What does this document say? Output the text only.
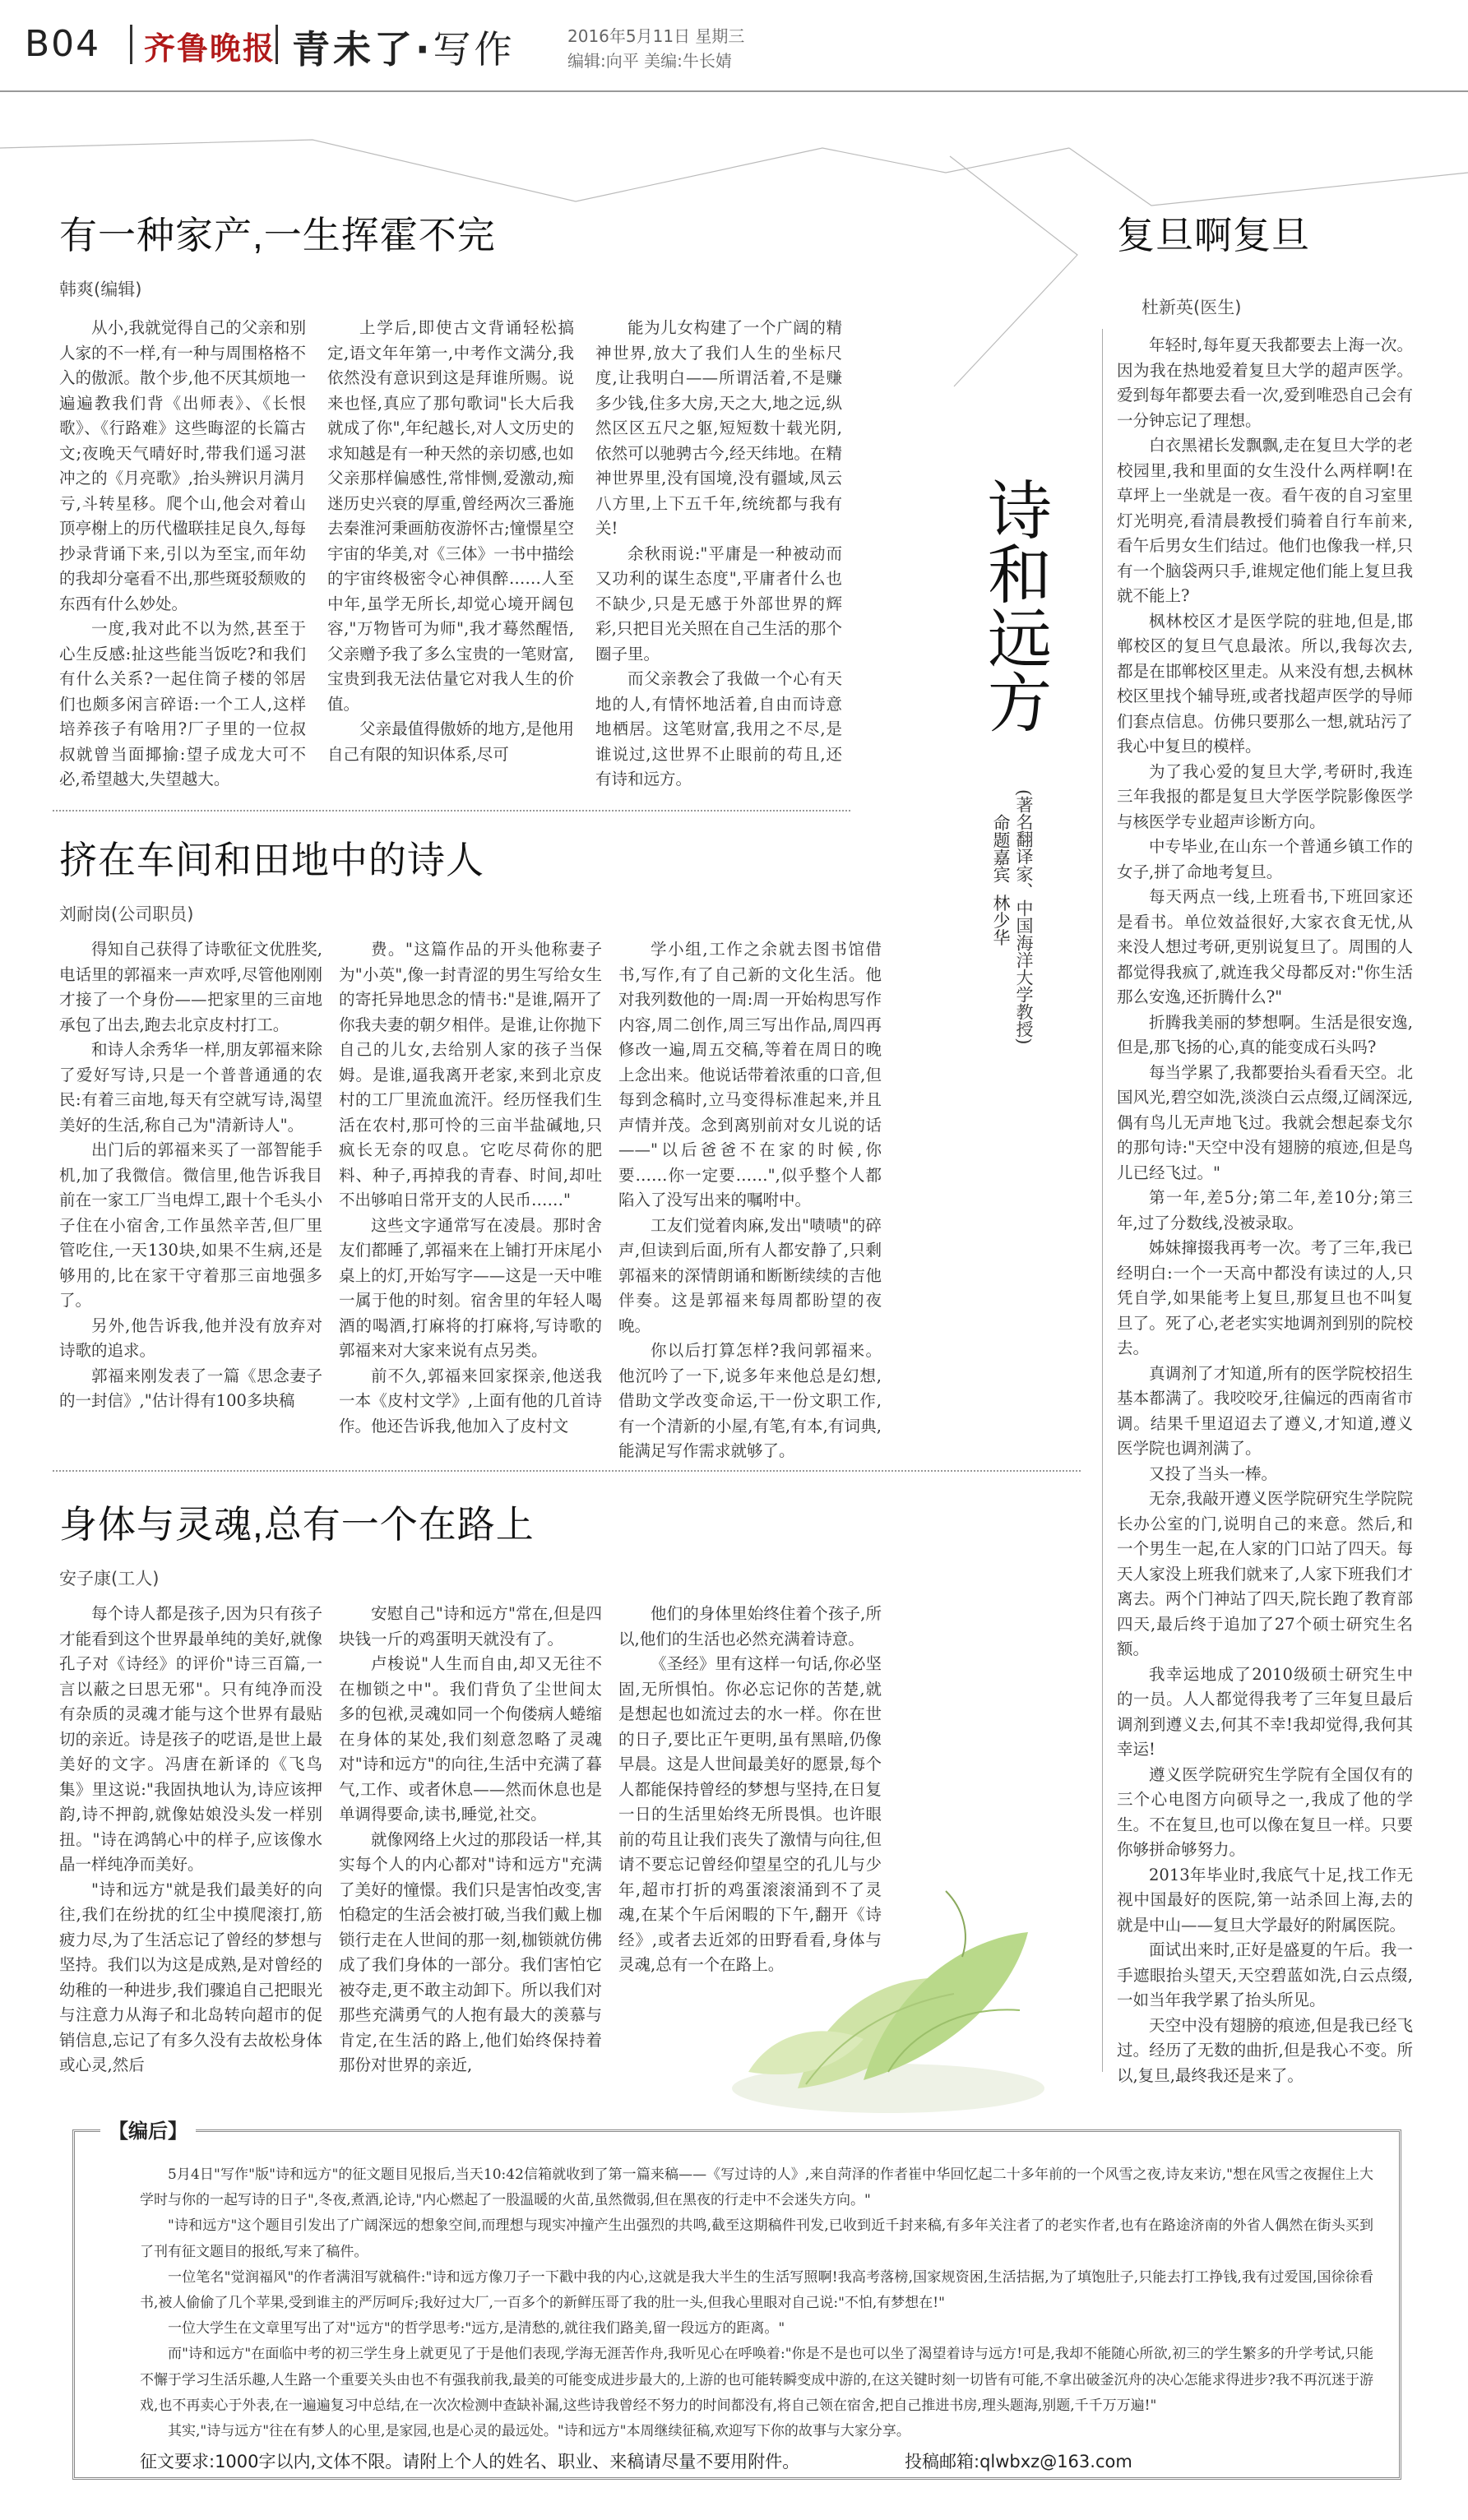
B04 齐鲁晚报 青未了·写作	2016年5月11日 星期三
编辑:向平 美编:牛长婧
有一种家产,一生挥霍不完
韩爽(编辑)

从小,我就觉得自己的父亲和别人家的不一样,有一种与周围格格不入的傲派。散个步,他不厌其烦地一遍遍教我们背《出师表》、《长恨歌》、《行路难》这些晦涩的长篇古文;夜晚天气晴好时,带我们遥习湛冲之的《月亮歌》,抬头辨识月满月亏,斗转星移。爬个山,他会对着山顶亭榭上的历代楹联挂足良久,每每抄录背诵下来,引以为至宝,而年幼的我却分毫看不出,那些斑驳颓败的东西有什么妙处。

一度,我对此不以为然,甚至于心生反感:扯这些能当饭吃?和我们有什么关系?一起住筒子楼的邻居们也颇多闲言碎语:一个工人,这样培养孩子有啥用?厂子里的一位叔叔就曾当面揶揄:望子成龙大可不必,希望越大,失望越大。

上学后,即使古文背诵轻松搞定,语文年年第一,中考作文满分,我依然没有意识到这是拜谁所赐。说来也怪,真应了那句歌词"长大后我就成了你",年纪越长,对人文历史的求知越是有一种天然的亲切感,也如父亲那样偏感性,常悱恻,爱激动,痴迷历史兴衰的厚重,曾经两次三番施去秦淮河秉画舫夜游怀古;憧憬星空宇宙的华美,对《三体》一书中描绘的宇宙终极密令心神俱醉……人至中年,虽学无所长,却觉心境开阔包容,"万物皆可为师",我才蓦然醒悟,父亲赠予我了多么宝贵的一笔财富,宝贵到我无法估量它对我人生的价值。

父亲最值得傲娇的地方,是他用自己有限的知识体系,尽可

能为儿女构建了一个广阔的精神世界,放大了我们人生的坐标尺度,让我明白——所谓活着,不是赚多少钱,住多大房,天之大,地之远,纵然区区五尺之躯,短短数十载光阴,依然可以驰骋古今,经天纬地。在精神世界里,没有国境,没有疆域,凤云八方里,上下五千年,统统都与我有关!

余秋雨说:"平庸是一种被动而又功利的谋生态度",平庸者什么也不缺少,只是无感于外部世界的辉彩,只把目光关照在自己生活的那个圈子里。

而父亲教会了我做一个心有天地的人,有情怀地活着,自由而诗意地栖居。这笔财富,我用之不尽,是谁说过,这世界不止眼前的苟且,还有诗和远方。

诗和远方
(著名翻译家、中国海洋大学教授)
命题嘉宾  林少华
复旦啊复旦
杜新英(医生)

年轻时,每年夏天我都要去上海一次。因为我在热地爱着复旦大学的超声医学。爱到每年都要去看一次,爱到唯恐自己会有一分钟忘记了理想。

白衣黑裙长发飘飘,走在复旦大学的老校园里,我和里面的女生没什么两样啊!在草坪上一坐就是一夜。看午夜的自习室里灯光明亮,看清晨教授们骑着自行车前来,看午后男女生们结过。他们也像我一样,只有一个脑袋两只手,谁规定他们能上复旦我就不能上?

枫林校区才是医学院的驻地,但是,邯郸校区的复旦气息最浓。所以,我每次去,都是在邯郸校区里走。从来没有想,去枫林校区里找个辅导班,或者找超声医学的导师们套点信息。仿佛只要那么一想,就玷污了我心中复旦的模样。

为了我心爱的复旦大学,考研时,我连三年我报的都是复旦大学医学院影像医学与核医学专业超声诊断方向。

中专毕业,在山东一个普通乡镇工作的女子,拼了命地考复旦。

每天两点一线,上班看书,下班回家还是看书。单位效益很好,大家衣食无忧,从来没人想过考研,更别说复旦了。周围的人都觉得我疯了,就连我父母都反对:"你生活那么安逸,还折腾什么?"

折腾我美丽的梦想啊。生活是很安逸,但是,那飞扬的心,真的能变成石头吗?

每当学累了,我都要抬头看看天空。北国风光,碧空如洗,淡淡白云点缀,辽阔深远,偶有鸟儿无声地飞过。我就会想起泰戈尔的那句诗:"天空中没有翅膀的痕迹,但是鸟儿已经飞过。"

第一年,差5分;第二年,差10分;第三年,过了分数线,没被录取。

姊妹撺掇我再考一次。考了三年,我已经明白:一个一天高中都没有读过的人,只凭自学,如果能考上复旦,那复旦也不叫复旦了。死了心,老老实实地调剂到别的院校去。

真调剂了才知道,所有的医学院校招生基本都满了。我咬咬牙,往偏远的西南省市调。结果千里迢迢去了遵义,才知道,遵义医学院也调剂满了。

又投了当头一棒。

无奈,我敲开遵义医学院研究生学院院长办公室的门,说明自己的来意。然后,和一个男生一起,在人家的门口站了四天。每天人家没上班我们就来了,人家下班我们才离去。两个门神站了四天,院长跑了教育部四天,最后终于追加了27个硕士研究生名额。

我幸运地成了2010级硕士研究生中的一员。人人都觉得我考了三年复旦最后调剂到遵义去,何其不幸!我却觉得,我何其幸运!

遵义医学院研究生学院有全国仅有的三个心电图方向硕导之一,我成了他的学生。不在复旦,也可以像在复旦一样。只要你够拼命够努力。

2013年毕业时,我底气十足,找工作无视中国最好的医院,第一站杀回上海,去的就是中山——复旦大学最好的附属医院。

面试出来时,正好是盛夏的午后。我一手遮眼抬头望天,天空碧蓝如洗,白云点缀,一如当年我学累了抬头所见。

天空中没有翅膀的痕迹,但是我已经飞过。经历了无数的曲折,但是我心不变。所以,复旦,最终我还是来了。

挤在车间和田地中的诗人
刘耐岗(公司职员)

得知自己获得了诗歌征文优胜奖,电话里的郭福来一声欢呼,尽管他刚刚才接了一个身份——把家里的三亩地承包了出去,跑去北京皮村打工。

和诗人余秀华一样,朋友郭福来除了爱好写诗,只是一个普普通通的农民:有着三亩地,每天有空就写诗,渴望美好的生活,称自己为"清新诗人"。

出门后的郭福来买了一部智能手机,加了我微信。微信里,他告诉我目前在一家工厂当电焊工,跟十个毛头小子住在小宿舍,工作虽然辛苦,但厂里管吃住,一天130块,如果不生病,还是够用的,比在家干守着那三亩地强多了。

另外,他告诉我,他并没有放弃对诗歌的追求。

郭福来刚发表了一篇《思念妻子的一封信》,"估计得有100多块稿

费。"这篇作品的开头他称妻子为"小英",像一封青涩的男生写给女生的寄托异地思念的情书:"是谁,隔开了你我夫妻的朝夕相伴。是谁,让你抛下自己的儿女,去给别人家的孩子当保姆。是谁,逼我离开老家,来到北京皮村的工厂里流血流汗。经历怪我们生活在农村,那可怜的三亩半盐碱地,只疯长无奈的叹息。它吃尽荷你的肥料、种子,再掉我的青春、时间,却吐不出够咱日常开支的人民币……"

这些文字通常写在凌晨。那时舍友们都睡了,郭福来在上铺打开床尾小桌上的灯,开始写字——这是一天中唯一属于他的时刻。宿舍里的年轻人喝酒的喝酒,打麻将的打麻将,写诗歌的郭福来对大家来说有点另类。

前不久,郭福来回家探亲,他送我一本《皮村文学》,上面有他的几首诗作。他还告诉我,他加入了皮村文

学小组,工作之余就去图书馆借书,写作,有了自己新的文化生活。他对我列数他的一周:周一开始构思写作内容,周二创作,周三写出作品,周四再修改一遍,周五交稿,等着在周日的晚上念出来。他说话带着浓重的口音,但每到念稿时,立马变得标准起来,并且声情并茂。念到离别前对女儿说的话——"以后爸爸不在家的时候,你要……你一定要……",似乎整个人都陷入了没写出来的嘱咐中。

工友们觉着肉麻,发出"啧啧"的碎声,但读到后面,所有人都安静了,只剩郭福来的深情朗诵和断断续续的吉他伴奏。这是郭福来每周都盼望的夜晚。

你以后打算怎样?我问郭福来。他沉吟了一下,说多年来他总是幻想,借助文学改变命运,干一份文职工作,有一个清新的小屋,有笔,有本,有词典,能满足写作需求就够了。

身体与灵魂,总有一个在路上
安子康(工人)

每个诗人都是孩子,因为只有孩子才能看到这个世界最单纯的美好,就像孔子对《诗经》的评价"诗三百篇,一言以蔽之曰思无邪"。只有纯净而没有杂质的灵魂才能与这个世界有最贴切的亲近。诗是孩子的呓语,是世上最美好的文字。冯唐在新译的《飞鸟集》里这说:"我固执地认为,诗应该押韵,诗不押韵,就像姑娘没头发一样别扭。"诗在鸿鹄心中的样子,应该像水晶一样纯净而美好。

"诗和远方"就是我们最美好的向往,我们在纷扰的红尘中摸爬滚打,筋疲力尽,为了生活忘记了曾经的梦想与坚持。我们以为这是成熟,是对曾经的幼稚的一种进步,我们骤追自己把眼光与注意力从海子和北岛转向超市的促销信息,忘记了有多久没有去故松身体或心灵,然后

安慰自己"诗和远方"常在,但是四块钱一斤的鸡蛋明天就没有了。

卢梭说"人生而自由,却又无往不在枷锁之中"。我们背负了尘世间太多的包袱,灵魂如同一个佝偻病人蜷缩在身体的某处,我们刻意忽略了灵魂对"诗和远方"的向往,生活中充满了暮气,工作、或者休息——然而休息也是单调得要命,读书,睡觉,社交。

就像网络上火过的那段话一样,其实每个人的内心都对"诗和远方"充满了美好的憧憬。我们只是害怕改变,害怕稳定的生活会被打破,当我们戴上枷锁行走在人世间的那一刻,枷锁就仿佛成了我们身体的一部分。我们害怕它被夺走,更不敢主动卸下。所以我们对那些充满勇气的人抱有最大的羡慕与肯定,在生活的路上,他们始终保持着那份对世界的亲近,

他们的身体里始终住着个孩子,所以,他们的生活也必然充满着诗意。

《圣经》里有这样一句话,你必坚固,无所惧怕。你必忘记你的苦楚,就是想起也如流过去的水一样。你在世的日子,要比正午更明,虽有黑暗,仍像早晨。这是人世间最美好的愿景,每个人都能保持曾经的梦想与坚持,在日复一日的生活里始终无所畏惧。也许眼前的苟且让我们丧失了激情与向往,但请不要忘记曾经仰望星空的孔儿与少年,超市打折的鸡蛋滚滚涌到不了灵魂,在某个午后闲暇的下午,翻开《诗经》,或者去近郊的田野看看,身体与灵魂,总有一个在路上。

【编后】

5月4日"写作"版"诗和远方"的征文题目见报后,当天10:42信箱就收到了第一篇来稿——《写过诗的人》,来自菏泽的作者崔中华回忆起二十多年前的一个风雪之夜,诗友来访,"想在风雪之夜握住上大学时与你的一起写诗的日子",冬夜,煮酒,论诗,"内心燃起了一股温暖的火苗,虽然微弱,但在黑夜的行走中不会迷失方向。"

"诗和远方"这个题目引发出了广阔深远的想象空间,而理想与现实冲撞产生出强烈的共鸣,截至这期稿件刊发,已收到近千封来稿,有多年关注者了的老实作者,也有在路途济南的外省人偶然在街头买到了刊有征文题目的报纸,写来了稿件。

一位笔名"觉润福风"的作者满泪写就稿件:"诗和远方像刀子一下戳中我的内心,这就是我大半生的生活写照啊!我高考落榜,国家规资困,生活拮据,为了填饱肚子,只能去打工挣钱,我有过爱国,国徐徐看书,被人偷偷了几个苹果,受到谁主的严厉呵斥;我好过大厂,一百多个的新鲜压哥了我的肚一头,但我心里眼对自己说:"不怕,有梦想在!"

一位大学生在文章里写出了对"远方"的哲学思考:"远方,是清愁的,就往我们路美,留一段远方的距离。"

而"诗和远方"在面临中考的初三学生身上就更见了于是他们表现,学海无涯苦作舟,我听见心在呼唤着:"你是不是也可以坐了渴望着诗与远方!可是,我却不能随心所欲,初三的学生繁多的升学考试,只能不懈于学习生活乐趣,人生路一个重要关头由也不有强我前我,最美的可能变成进步最大的,上游的也可能转瞬变成中游的,在这关键时刻一切皆有可能,不拿出破釜沉舟的决心怎能求得进步?我不再沉迷于游戏,也不再卖心于外表,在一遍遍复习中总结,在一次次检测中查缺补漏,这些诗我曾经不努力的时间都没有,将自己领在宿舍,把自己推进书房,理头题海,别题,千千万万遍!"

其实,"诗与远方"往在有梦人的心里,是家园,也是心灵的最远处。"诗和远方"本周继续征稿,欢迎写下你的故事与大家分享。

征文要求:1000字以内,文体不限。请附上个人的姓名、职业、来稿请尽量不要用附件。	投稿邮箱:qlwbxz@163.com
